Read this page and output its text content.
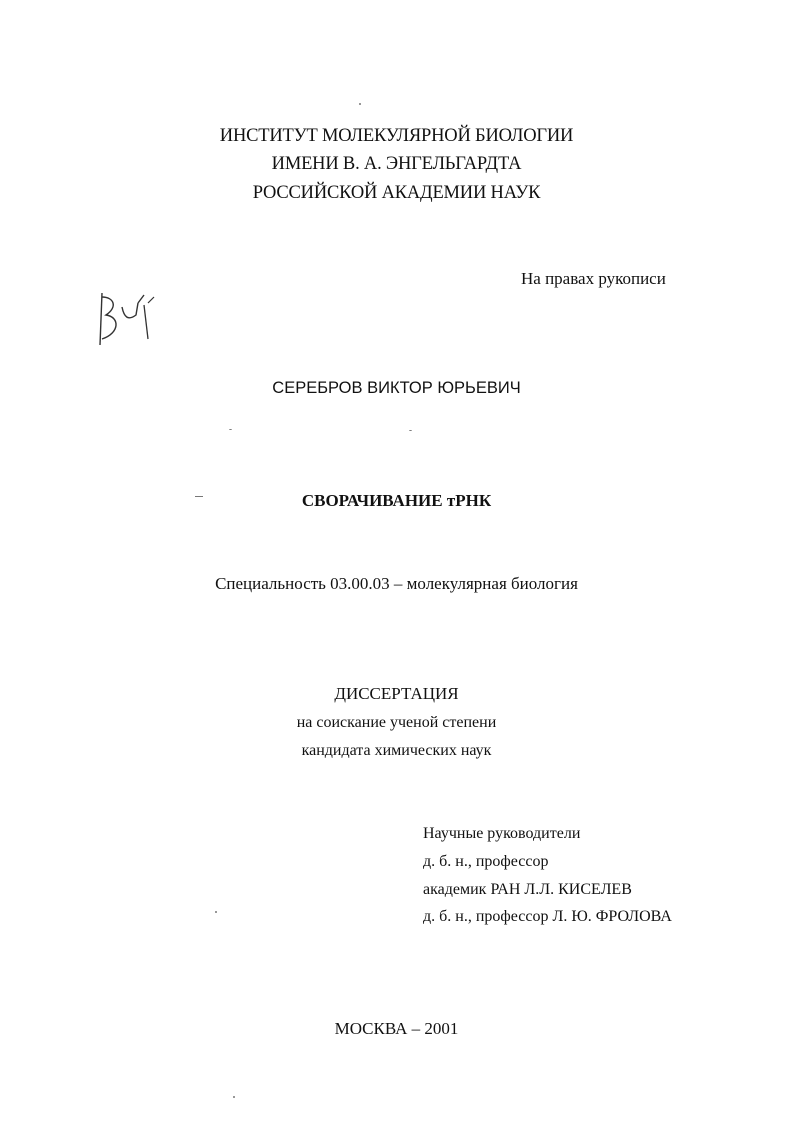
ИНСТИТУТ МОЛЕКУЛЯРНОЙ БИОЛОГИИ
ИМЕНИ В. А. ЭНГЕЛЬГАРДТА
РОССИЙСКОЙ АКАДЕМИИ НАУК
На правах рукописи
СЕРЕБРОВ ВИКТОР ЮРЬЕВИЧ
СВОРАЧИВАНИЕ тРНК
Специальность 03.00.03 – молекулярная биология
ДИССЕРТАЦИЯ
на соискание ученой степени
кандидата химических наук
Научные руководители
д. б. н., профессор
академик РАН Л.Л. КИСЕЛЕВ
д. б. н., профессор Л. Ю. ФРОЛОВА
МОСКВА – 2001
